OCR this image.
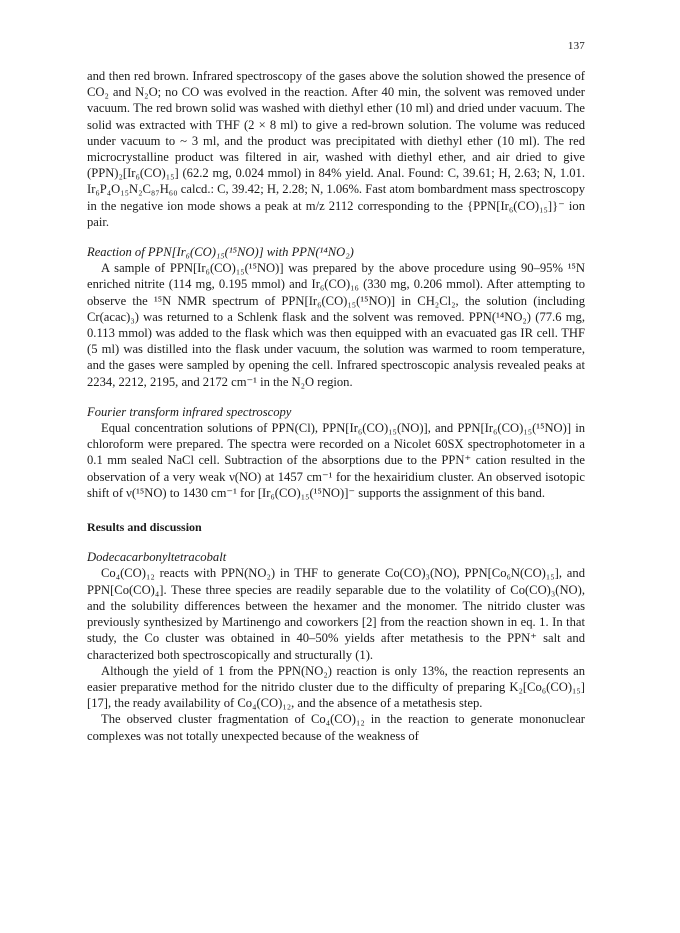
137

and then red brown. Infrared spectroscopy of the gases above the solution showed the presence of CO₂ and N₂O; no CO was evolved in the reaction. After 40 min, the solvent was removed under vacuum. The red brown solid was washed with diethyl ether (10 ml) and dried under vacuum. The solid was extracted with THF (2 × 8 ml) to give a red-brown solution. The volume was reduced under vacuum to ~ 3 ml, and the product was precipitated with diethyl ether (10 ml). The red microcrystalline product was filtered in air, washed with diethyl ether, and air dried to give (PPN)₂[Ir₆(CO)₁₅] (62.2 mg, 0.024 mmol) in 84% yield. Anal. Found: C, 39.61; H, 2.63; N, 1.01. Ir₆P₄O₁₅N₂C₈₇H₆₀ calcd.: C, 39.42; H, 2.28; N, 1.06%. Fast atom bombardment mass spectroscopy in the negative ion mode shows a peak at m/z 2112 corresponding to the {PPN[Ir₆(CO)₁₅]}⁻ ion pair.

Reaction of PPN[Ir₆(CO)₁₅(¹⁵NO)] with PPN(¹⁴NO₂)

A sample of PPN[Ir₆(CO)₁₅(¹⁵NO)] was prepared by the above procedure using 90–95% ¹⁵N enriched nitrite (114 mg, 0.195 mmol) and Ir₆(CO)₁₆ (330 mg, 0.206 mmol). After attempting to observe the ¹⁵N NMR spectrum of PPN[Ir₆(CO)₁₅(¹⁵NO)] in CH₂Cl₂, the solution (including Cr(acac)₃) was returned to a Schlenk flask and the solvent was removed. PPN(¹⁴NO₂) (77.6 mg, 0.113 mmol) was added to the flask which was then equipped with an evacuated gas IR cell. THF (5 ml) was distilled into the flask under vacuum, the solution was warmed to room temperature, and the gases were sampled by opening the cell. Infrared spectroscopic analysis revealed peaks at 2234, 2212, 2195, and 2172 cm⁻¹ in the N₂O region.

Fourier transform infrared spectroscopy

Equal concentration solutions of PPN(Cl), PPN[Ir₆(CO)₁₅(NO)], and PPN[Ir₆(CO)₁₅(¹⁵NO)] in chloroform were prepared. The spectra were recorded on a Nicolet 60SX spectrophotometer in a 0.1 mm sealed NaCl cell. Subtraction of the absorptions due to the PPN⁺ cation resulted in the observation of a very weak ν(NO) at 1457 cm⁻¹ for the hexairidium cluster. An observed isotopic shift of ν(¹⁵NO) to 1430 cm⁻¹ for [Ir₆(CO)₁₅(¹⁵NO)]⁻ supports the assignment of this band.

Results and discussion

Dodecacarbonyltetracobalt

Co₄(CO)₁₂ reacts with PPN(NO₂) in THF to generate Co(CO)₃(NO), PPN[Co₆N(CO)₁₅], and PPN[Co(CO)₄]. These three species are readily separable due to the volatility of Co(CO)₃(NO), and the solubility differences between the hexamer and the monomer. The nitrido cluster was previously synthesized by Martinengo and coworkers [2] from the reaction shown in eq. 1. In that study, the Co cluster was obtained in 40–50% yields after metathesis to the PPN⁺ salt and characterized both spectroscopically and structurally (1).

Although the yield of 1 from the PPN(NO₂) reaction is only 13%, the reaction represents an easier preparative method for the nitrido cluster due to the difficulty of preparing K₂[Co₆(CO)₁₅] [17], the ready availability of Co₄(CO)₁₂, and the absence of a metathesis step.

The observed cluster fragmentation of Co₄(CO)₁₂ in the reaction to generate mononuclear complexes was not totally unexpected because of the weakness of
